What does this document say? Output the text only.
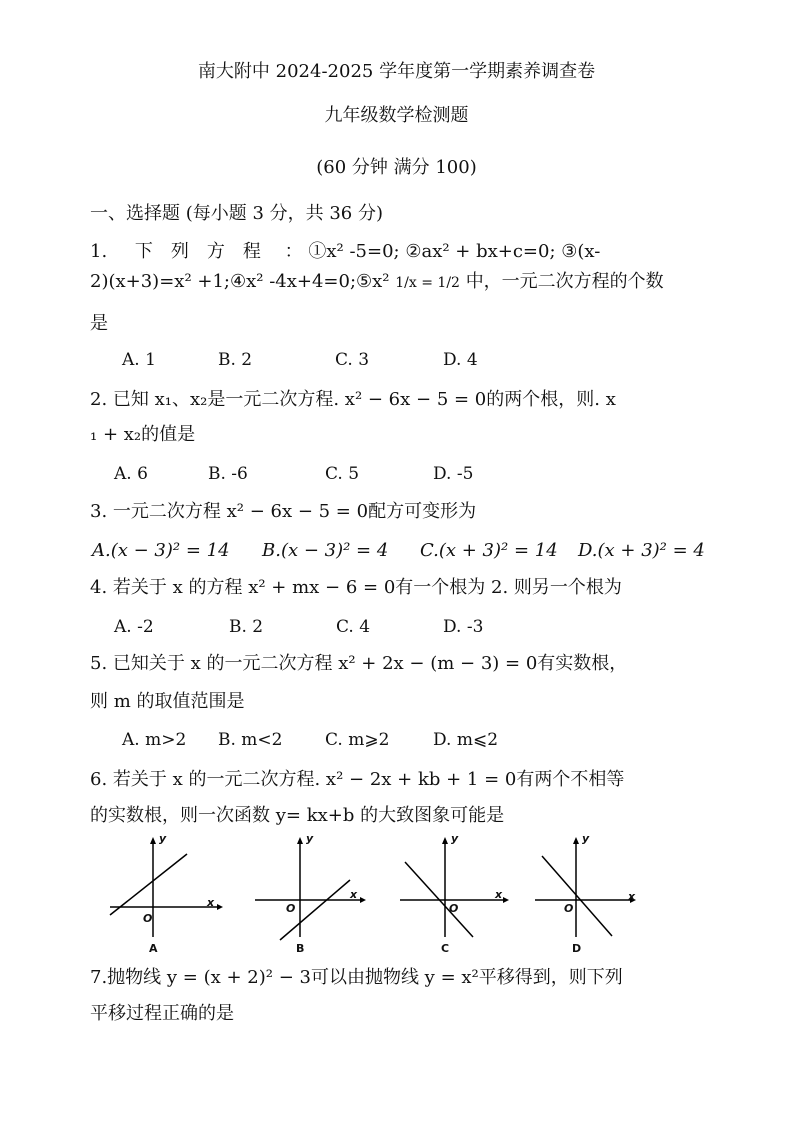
南大附中 2024-2025 学年度第一学期素养调查卷
九年级数学检测题
(60 分钟 满分 100)
一、选择题 (每小题 3 分，共 36 分)
1. 下列方程 ： ①x² -5=0; ②ax² + bx+c=0; ③(x-
2)(x+3)=x² +1;④x² -4x+4=0;⑤x² 1/x = 1/2 中，一元二次方程的个数
是
A. 1	B. 2	C. 3	D. 4
2. 已知 x₁、x₂是一元二次方程. x² − 6x − 5 = 0的两个根，则. x
₁ + x₂的值是
A. 6	B. -6	C. 5	D. -5
3. 一元二次方程 x² − 6x − 5 = 0配方可变形为
A.(x − 3)² = 14 B.(x − 3)² = 4 C.(x + 3)² = 14 D.(x + 3)² = 4
4. 若关于 x 的方程 x² + mx − 6 = 0有一个根为 2. 则另一个根为
A. -2	B. 2	C. 4	D. -3
5. 已知关于 x 的一元二次方程 x² + 2x − (m − 3) = 0有实数根，
则 m 的取值范围是
A. m>2 B. m<2	C. m⩾2	D. m⩽2
6. 若关于 x 的一元二次方程. x² − 2x + kb + 1 = 0有两个不相等
的实数根，则一次函数 y= kx+b 的大致图象可能是
y
x
O
A
y
x
O
B
y
x
O
C
y
x
O
D
7.抛物线 y = (x + 2)² − 3可以由抛物线 y = x²平移得到，则下列
平移过程正确的是
